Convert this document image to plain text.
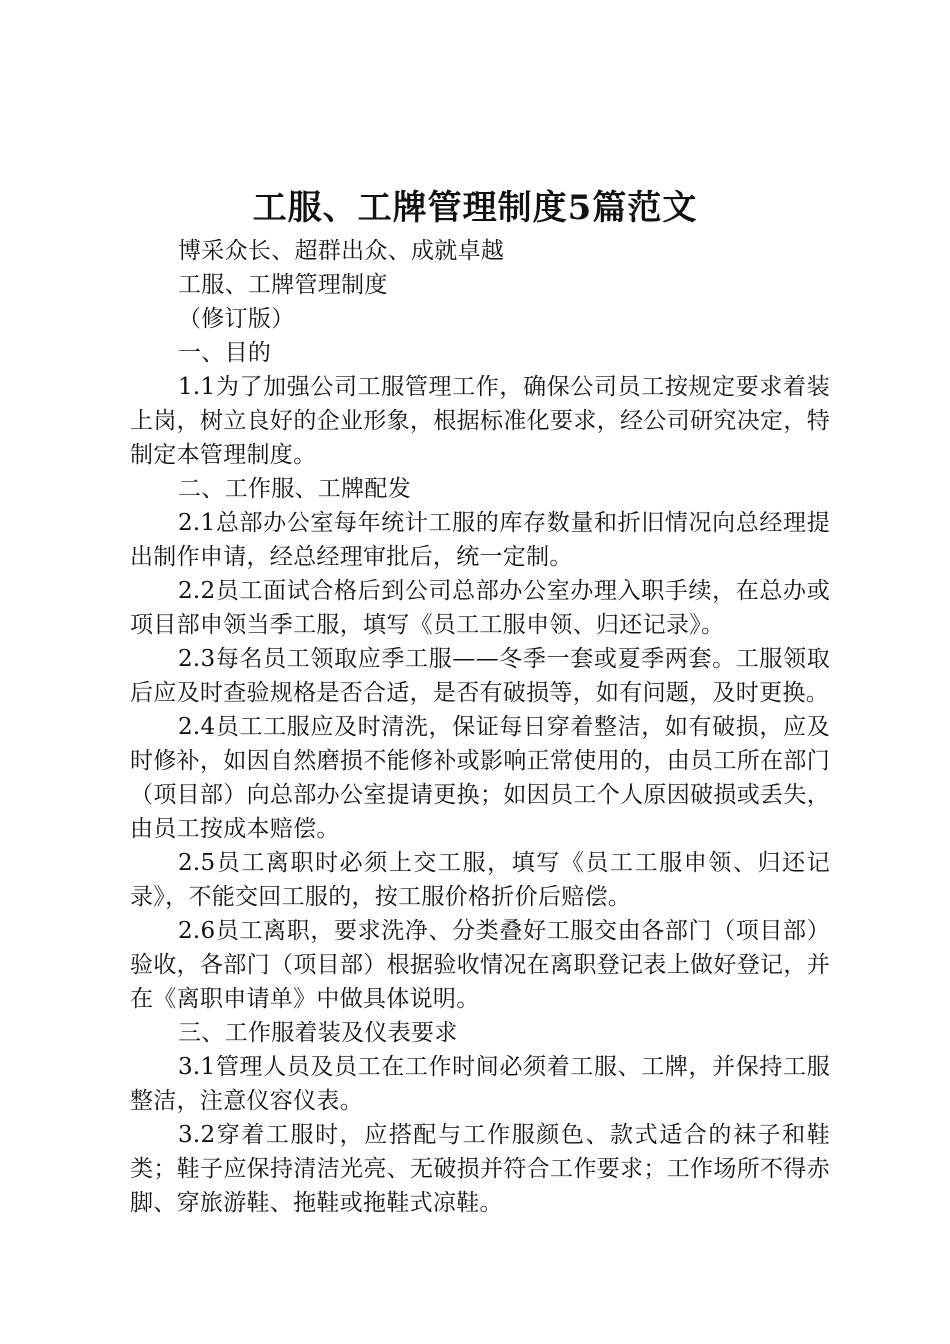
工服、工牌管理制度5篇范文

博采众长、超群出众、成就卓越

工服、工牌管理制度

（修订版）

一、目的

1.1为了加强公司工服管理工作，确保公司员工按规定要求着装上岗，树立良好的企业形象，根据标准化要求，经公司研究决定，特制定本管理制度。

二、工作服、工牌配发

2.1总部办公室每年统计工服的库存数量和折旧情况向总经理提出制作申请，经总经理审批后，统一定制。

2.2员工面试合格后到公司总部办公室办理入职手续，在总办或项目部申领当季工服，填写《员工工服申领、归还记录》。

2.3每名员工领取应季工服——冬季一套或夏季两套。工服领取后应及时查验规格是否合适，是否有破损等，如有问题，及时更换。

2.4员工工服应及时清洗，保证每日穿着整洁，如有破损，应及时修补，如因自然磨损不能修补或影响正常使用的，由员工所在部门（项目部）向总部办公室提请更换；如因员工个人原因破损或丢失，由员工按成本赔偿。

2.5员工离职时必须上交工服，填写《员工工服申领、归还记录》，不能交回工服的，按工服价格折价后赔偿。

2.6员工离职，要求洗净、分类叠好工服交由各部门（项目部）验收，各部门（项目部）根据验收情况在离职登记表上做好登记，并在《离职申请单》中做具体说明。

三、工作服着装及仪表要求

3.1管理人员及员工在工作时间必须着工服、工牌，并保持工服整洁，注意仪容仪表。

3.2穿着工服时，应搭配与工作服颜色、款式适合的袜子和鞋类；鞋子应保持清洁光亮、无破损并符合工作要求；工作场所不得赤脚、穿旅游鞋、拖鞋或拖鞋式凉鞋。
